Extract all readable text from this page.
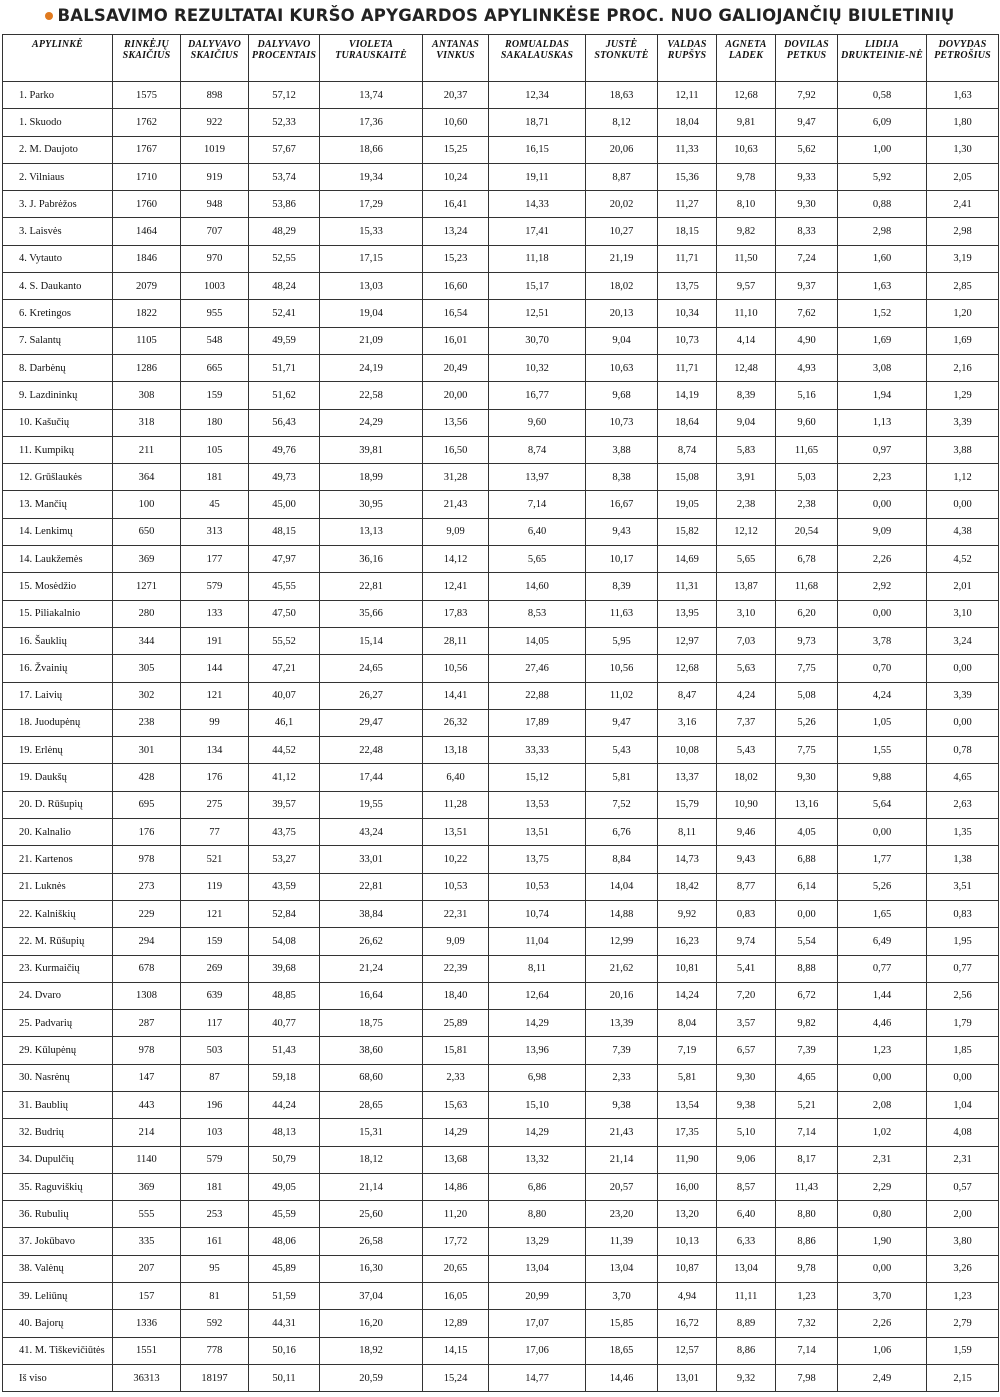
BALSAVIMO REZULTATAI KURŠO APYGARDOS APYLINKĖSE PROC. NUO GALIOJANČIŲ BIULETINIŲ
APYLINKĖ	RINKĖJŲ SKAIČIUS	DALYVAVO SKAIČIUS	DALYVAVO PROCENTAIS	VIOLETA TURAUSKAITĖ	ANTANAS VINKUS	ROMUALDAS SAKALAUSKAS	JUSTĖ STONKUTĖ	VALDAS RUPŠYS	AGNETA LADEK	DOVILAS PETKUS	LIDIJA DRUKTEINIE-NĖ	DOVYDAS PETROŠIUS
1. Parko	1575	898	57,12	13,74	20,37	12,34	18,63	12,11	12,68	7,92	0,58	1,63
1. Skuodo	1762	922	52,33	17,36	10,60	18,71	8,12	18,04	9,81	9,47	6,09	1,80
2. M. Daujoto	1767	1019	57,67	18,66	15,25	16,15	20,06	11,33	10,63	5,62	1,00	1,30
2. Vilniaus	1710	919	53,74	19,34	10,24	19,11	8,87	15,36	9,78	9,33	5,92	2,05
3. J. Pabrėžos	1760	948	53,86	17,29	16,41	14,33	20,02	11,27	8,10	9,30	0,88	2,41
3. Laisvės	1464	707	48,29	15,33	13,24	17,41	10,27	18,15	9,82	8,33	2,98	2,98
4. Vytauto	1846	970	52,55	17,15	15,23	11,18	21,19	11,71	11,50	7,24	1,60	3,19
4. S. Daukanto	2079	1003	48,24	13,03	16,60	15,17	18,02	13,75	9,57	9,37	1,63	2,85
6. Kretingos	1822	955	52,41	19,04	16,54	12,51	20,13	10,34	11,10	7,62	1,52	1,20
7. Salantų	1105	548	49,59	21,09	16,01	30,70	9,04	10,73	4,14	4,90	1,69	1,69
8. Darbėnų	1286	665	51,71	24,19	20,49	10,32	10,63	11,71	12,48	4,93	3,08	2,16
9. Lazdininkų	308	159	51,62	22,58	20,00	16,77	9,68	14,19	8,39	5,16	1,94	1,29
10. Kašučių	318	180	56,43	24,29	13,56	9,60	10,73	18,64	9,04	9,60	1,13	3,39
11. Kumpikų	211	105	49,76	39,81	16,50	8,74	3,88	8,74	5,83	11,65	0,97	3,88
12. Grūšlaukės	364	181	49,73	18,99	31,28	13,97	8,38	15,08	3,91	5,03	2,23	1,12
13. Mančių	100	45	45,00	30,95	21,43	7,14	16,67	19,05	2,38	2,38	0,00	0,00
14. Lenkimų	650	313	48,15	13,13	9,09	6,40	9,43	15,82	12,12	20,54	9,09	4,38
14. Laukžemės	369	177	47,97	36,16	14,12	5,65	10,17	14,69	5,65	6,78	2,26	4,52
15. Mosėdžio	1271	579	45,55	22,81	12,41	14,60	8,39	11,31	13,87	11,68	2,92	2,01
15. Piliakalnio	280	133	47,50	35,66	17,83	8,53	11,63	13,95	3,10	6,20	0,00	3,10
16. Šauklių	344	191	55,52	15,14	28,11	14,05	5,95	12,97	7,03	9,73	3,78	3,24
16. Žvainių	305	144	47,21	24,65	10,56	27,46	10,56	12,68	5,63	7,75	0,70	0,00
17. Laivių	302	121	40,07	26,27	14,41	22,88	11,02	8,47	4,24	5,08	4,24	3,39
18. Juodupėnų	238	99	46,1	29,47	26,32	17,89	9,47	3,16	7,37	5,26	1,05	0,00
19. Erlėnų	301	134	44,52	22,48	13,18	33,33	5,43	10,08	5,43	7,75	1,55	0,78
19. Daukšų	428	176	41,12	17,44	6,40	15,12	5,81	13,37	18,02	9,30	9,88	4,65
20. D. Rūšupių	695	275	39,57	19,55	11,28	13,53	7,52	15,79	10,90	13,16	5,64	2,63
20. Kalnalio	176	77	43,75	43,24	13,51	13,51	6,76	8,11	9,46	4,05	0,00	1,35
21. Kartenos	978	521	53,27	33,01	10,22	13,75	8,84	14,73	9,43	6,88	1,77	1,38
21. Luknės	273	119	43,59	22,81	10,53	10,53	14,04	18,42	8,77	6,14	5,26	3,51
22. Kalniškių	229	121	52,84	38,84	22,31	10,74	14,88	9,92	0,83	0,00	1,65	0,83
22. M. Rūšupių	294	159	54,08	26,62	9,09	11,04	12,99	16,23	9,74	5,54	6,49	1,95
23. Kurmaičių	678	269	39,68	21,24	22,39	8,11	21,62	10,81	5,41	8,88	0,77	0,77
24. Dvaro	1308	639	48,85	16,64	18,40	12,64	20,16	14,24	7,20	6,72	1,44	2,56
25. Padvarių	287	117	40,77	18,75	25,89	14,29	13,39	8,04	3,57	9,82	4,46	1,79
29. Kūlupėnų	978	503	51,43	38,60	15,81	13,96	7,39	7,19	6,57	7,39	1,23	1,85
30. Nasrėnų	147	87	59,18	68,60	2,33	6,98	2,33	5,81	9,30	4,65	0,00	0,00
31. Baublių	443	196	44,24	28,65	15,63	15,10	9,38	13,54	9,38	5,21	2,08	1,04
32. Budrių	214	103	48,13	15,31	14,29	14,29	21,43	17,35	5,10	7,14	1,02	4,08
34. Dupulčių	1140	579	50,79	18,12	13,68	13,32	21,14	11,90	9,06	8,17	2,31	2,31
35. Raguviškių	369	181	49,05	21,14	14,86	6,86	20,57	16,00	8,57	11,43	2,29	0,57
36. Rubulių	555	253	45,59	25,60	11,20	8,80	23,20	13,20	6,40	8,80	0,80	2,00
37. Jokūbavo	335	161	48,06	26,58	17,72	13,29	11,39	10,13	6,33	8,86	1,90	3,80
38. Valėnų	207	95	45,89	16,30	20,65	13,04	13,04	10,87	13,04	9,78	0,00	3,26
39. Leliūnų	157	81	51,59	37,04	16,05	20,99	3,70	4,94	11,11	1,23	3,70	1,23
40. Bajorų	1336	592	44,31	16,20	12,89	17,07	15,85	16,72	8,89	7,32	2,26	2,79
41. M. Tiškevičiūtės	1551	778	50,16	18,92	14,15	17,06	18,65	12,57	8,86	7,14	1,06	1,59
Iš viso	36313	18197	50,11	20,59	15,24	14,77	14,46	13,01	9,32	7,98	2,49	2,15
